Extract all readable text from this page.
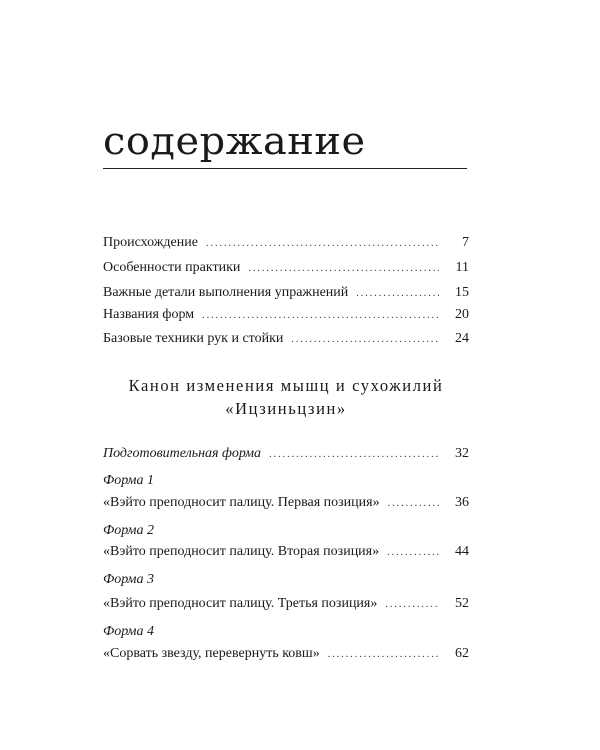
содержание
Происхождение .....	7
Особенности практики .....	11
Важные детали выполнения упражнений .....	15
Названия форм .....	20
Базовые техники рук и стойки .....	24
Канон изменения мышц и сухожилий
«Ицзиньцзин»
Подготовительная форма .....	32
Форма 1
«Вэйто преподносит палицу. Первая позиция» .....	36
Форма 2
«Вэйто преподносит палицу. Вторая позиция» .....	44
Форма 3
«Вэйто преподносит палицу. Третья позиция» .....	52
Форма 4
«Сорвать звезду, перевернуть ковш» .....	62
